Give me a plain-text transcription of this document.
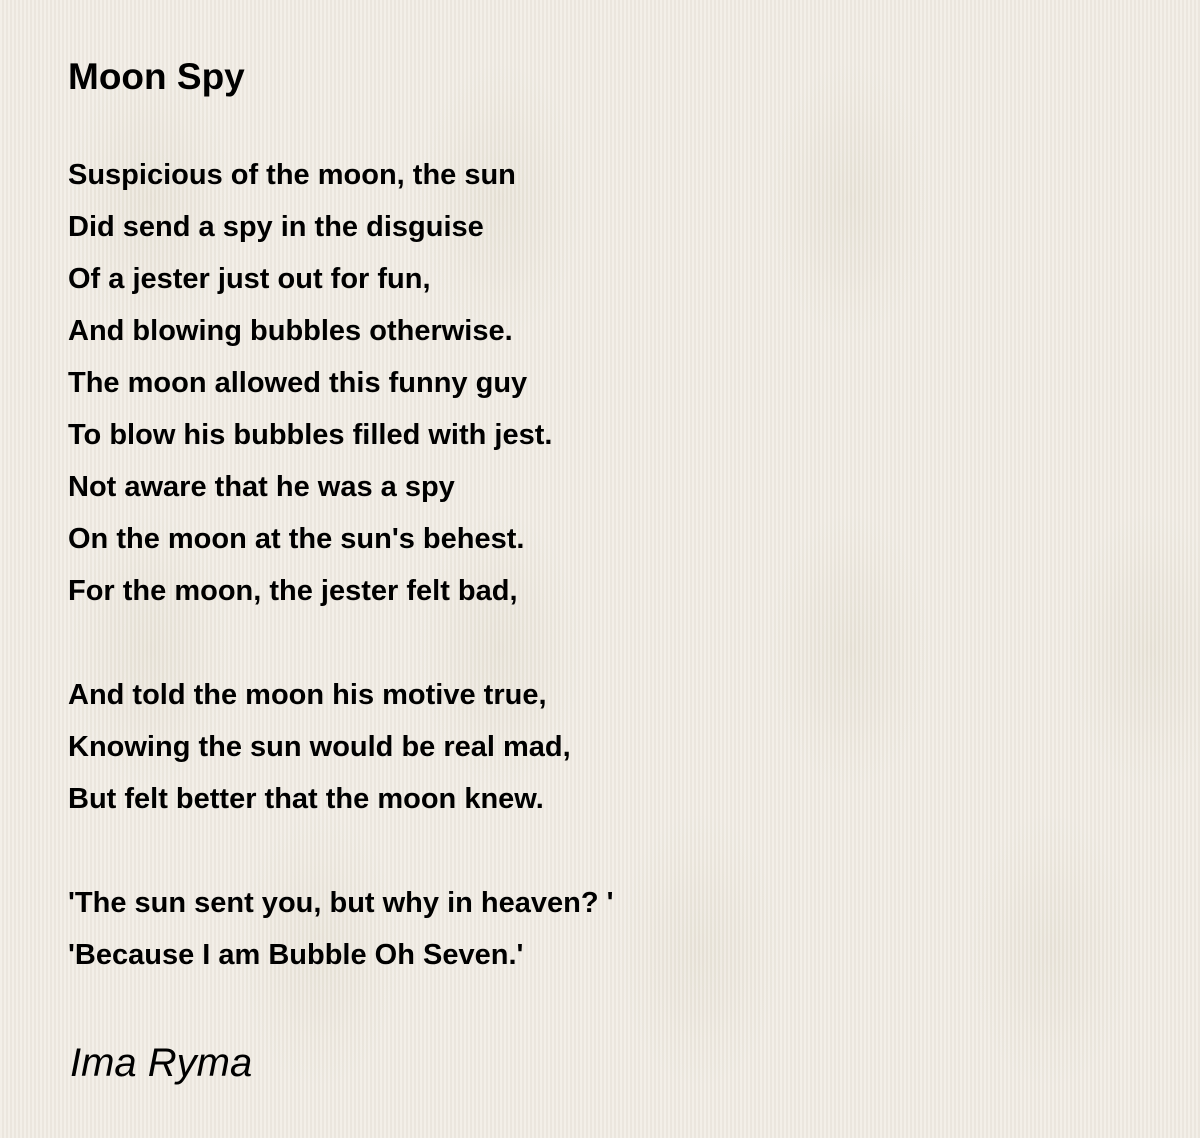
Moon Spy
Suspicious of the moon, the sun
Did send a spy in the disguise
Of a jester just out for fun,
And blowing bubbles otherwise.
The moon allowed this funny guy
To blow his bubbles filled with jest.
Not aware that he was a spy
On the moon at the sun's behest.
For the moon, the jester felt bad,
And told the moon his motive true,
Knowing the sun would be real mad,
But felt better that the moon knew.
'The sun sent you, but why in heaven? '
'Because I am Bubble Oh Seven.'
Ima Ryma
